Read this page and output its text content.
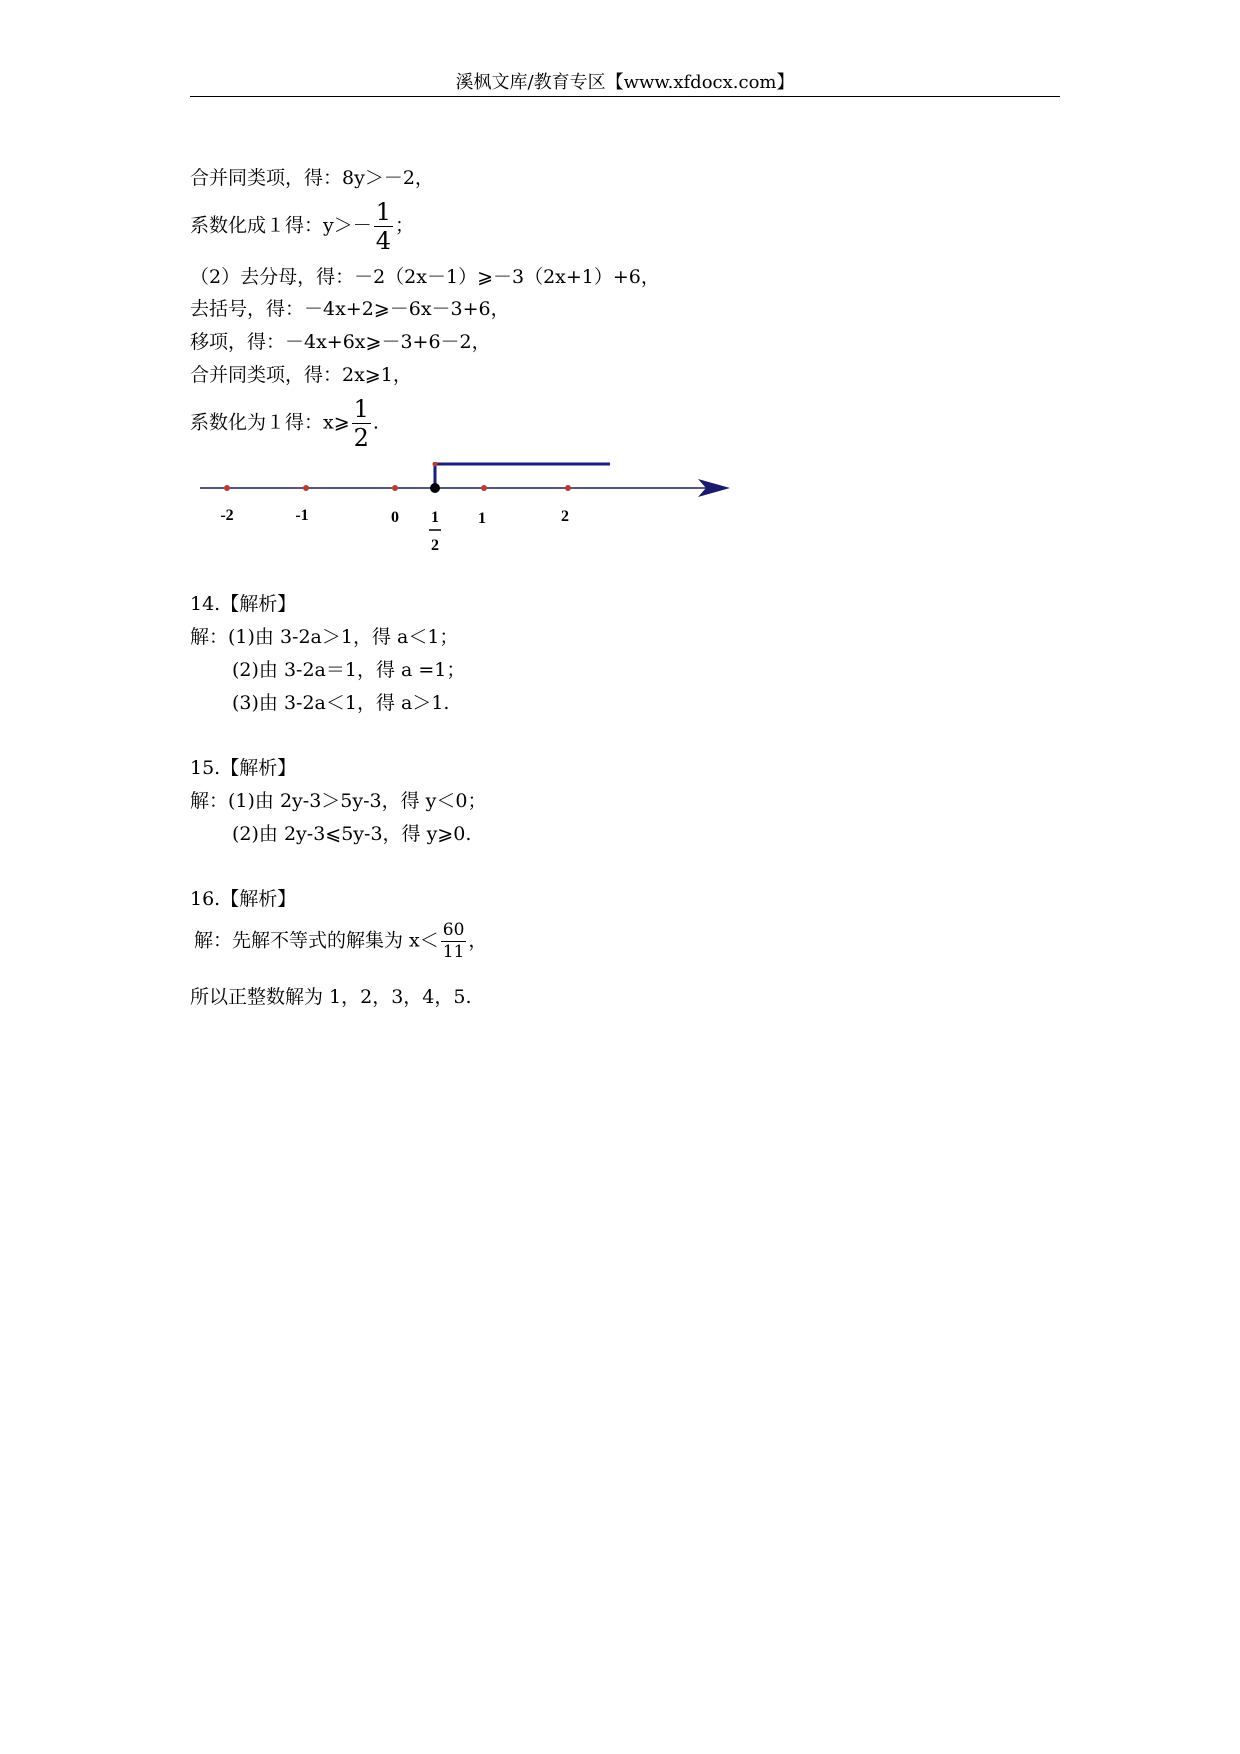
溪枫文库/教育专区【www.xfdocx.com】
合并同类项，得：8y＞－2，
系数化成１得：$y>- \frac{1}{4}$ ；
（2）去分母，得：－2（2x－1）⩾－3（2x+1）+6，
去括号，得：－4x+2⩾－6x－3+6，
移项，得：－4x+6x⩾－3+6－2，
合并同类项，得：2x⩾1，
系数化为１得：x⩾ $\frac{1}{2}$ .
-2	-1	0 1
2
1	2
14.【解析】
解：(1)由 3-2a＞1，得 a＜1；
(2)由 3-2a＝1，得 a =1；
(3)由 3-2a＜1，得 a＞1.
15.【解析】
解：(1)由 2y-3＞5y-3，得 y＜0；
(2)由 2y-3⩽5y-3，得 y⩾0.
16.【解析】
解：先解不等式的解集为 $x< \frac{60}{11}$ ，
所以正整数解为 1，2，3，4，5.
